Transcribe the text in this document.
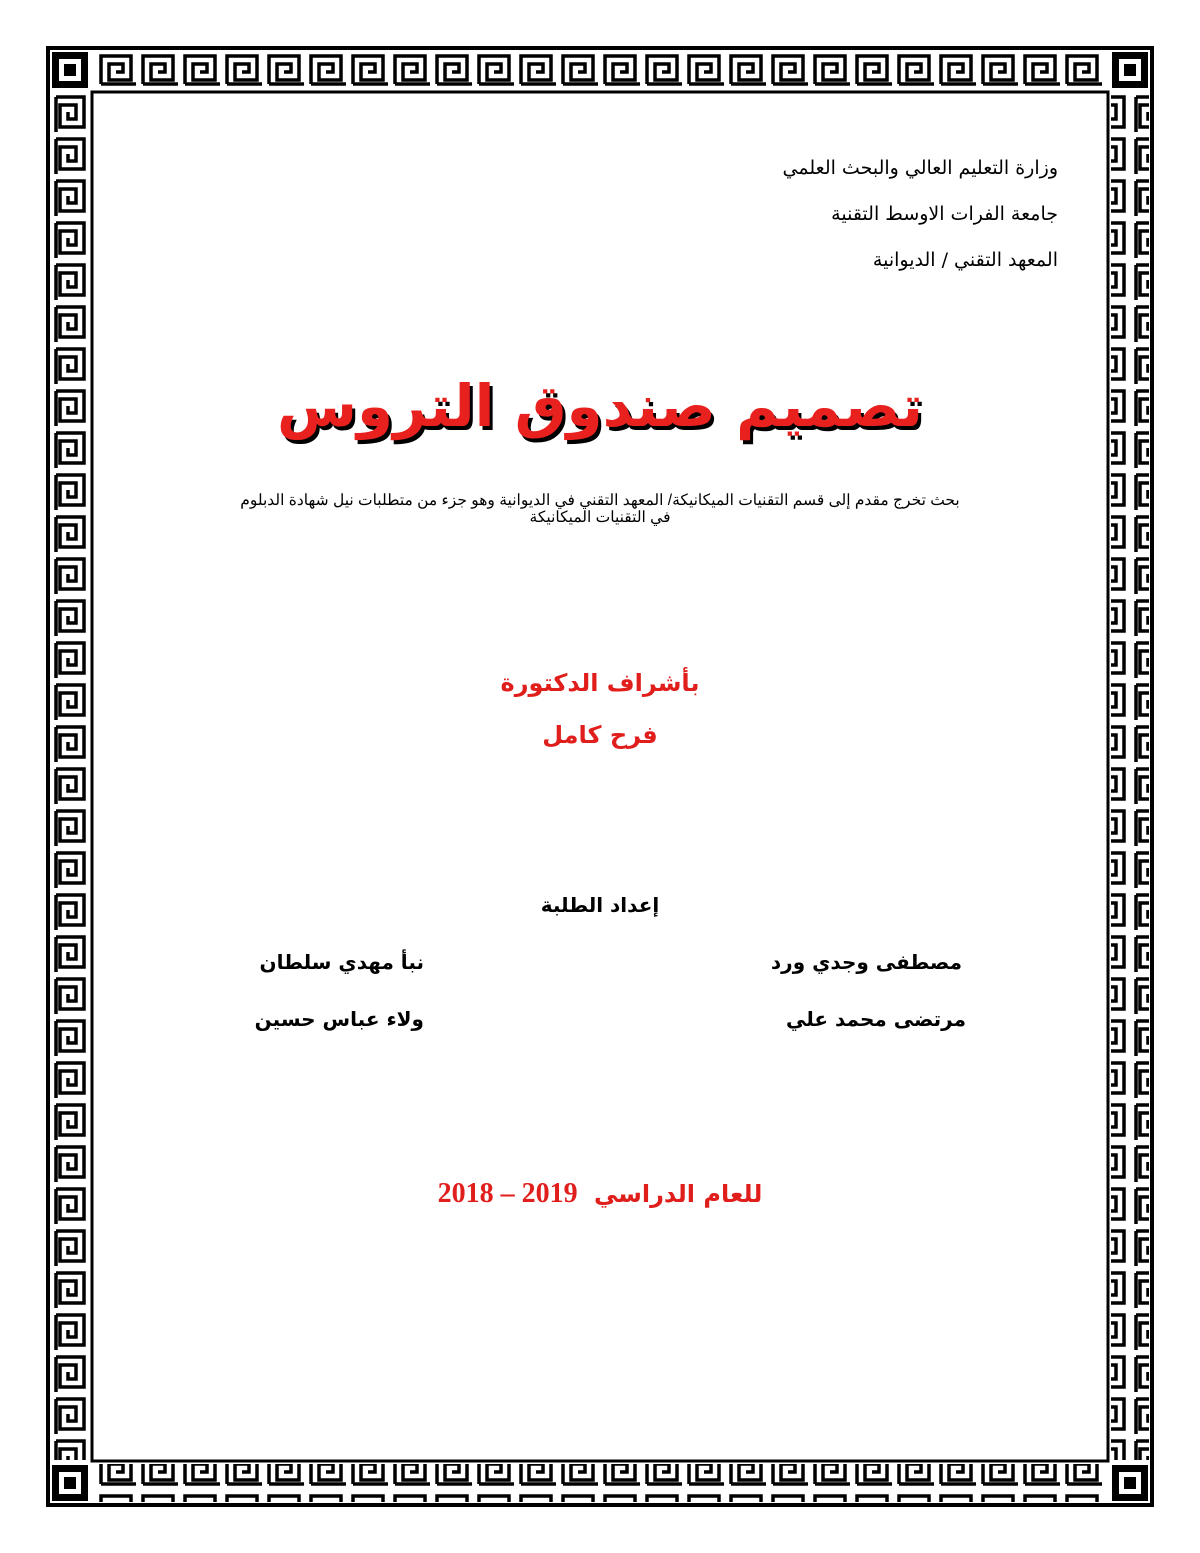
وزارة التعليم العالي والبحث العلمي
جامعة الفرات الاوسط التقنية
المعهد التقني / الديوانية
تصميم صندوق التروس
بحث تخرج مقدم إلى قسم التقنيات الميكانيكة/ المعهد التقني في الديوانية وهو جزء من متطلبات نيل شهادة الدبلوم
في التقنيات الميكانيكة
بأشراف الدكتورة
فرح كامل
إعداد الطلبة
مصطفى وجدي ورد
نبأ مهدي سلطان
مرتضى محمد علي
ولاء عباس حسين
للعام الدراسي 2018 – 2019
